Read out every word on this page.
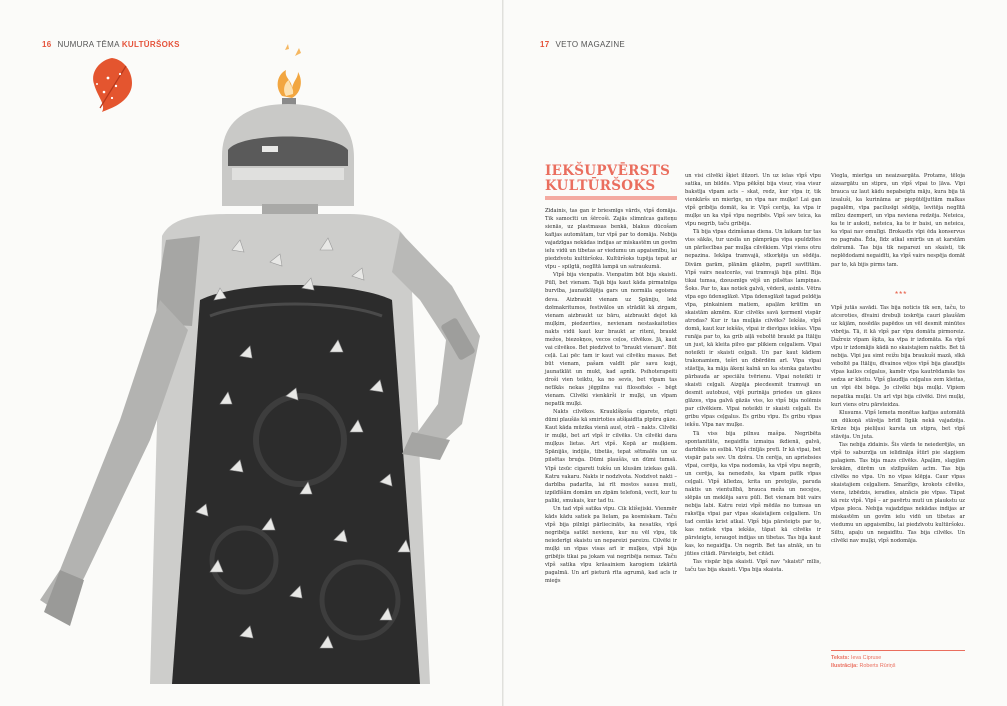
16 NUMURA TĒMA KULTŪRŠOKS	17 VETO MAGAZINE
IEKŠUPVĒRSTS
KULTŪRŠOKS

Zīdainis, tas gan ir briesmīgs vārds, vīpš domāja. Tik samocīti un šērcoši. Zajās slimnīcas gaiteņu sienās, uz plastmasas benkā, blakus dūcošam kafijas automātam, tur vīpš par to domāja. Nebija vajadzīgas nekādas indijas ar miskastēm un govīm ielu vidū un tibetas ar viedumu un apgaismību, lai piedzīvotu kultūršoku. Kultūršoks tupēja tepat ar vīpu – spilgtā, neglītā lampā un satraukumā.

Vīpš bija vienpatis. Vienpatim būt bija skaisti. Pūlī, bet vienam. Tajā bija kaut kāda pirmatnīga burvība, jaunatklājēja gars un normāla egoisma deva. Aizbraukt vienam uz Spāniju, lekt dzēmakritumos, festivālos un strādāt kā zirgam, vienam aizbraukt uz bāru, aizbraukt dejot kā muļķim, piedzerties, nevienam nestaskaitoties nakts vidū kaut kur braukt ar riteni, braukt mežos, biezokņos, vecos ceļos, cilvēkos. Jā, kaut vai cilvēkos. Bet piedzīvot to "braukt vienam". Būt ceļā. Lai pēc tam ir kaut vai cilvēku masas. Bet būt vienam, pašam valdīt pār savu kuģi, jaunatklāt un mukt, kad apnīk. Psihoterapeiti droši vien teiktu, ka no sevis, bet vīpam tas netīkās nekas jēgpilns vai filosofisks – bēgt vienam. Cilvēki vienkārši ir muļķi, un vīpam nepatīk muļķi.

Nakts cilvēkos. Krauklšķoša cigarete, rūgti dūmi plaušās kā smirtoties atšķaidīta pīpūru gāze. Kaut kāda mūzika vienā ausī, otrā – nakts. Cilvēki ir muļķi, bet arī vīpš ir cilvēks. Un cilvēki dara muļķus lietas. Art vīpš. Kopā ar muļķiem. Spānijās, indijās, tibetās, tepat sētmalēs un uz pilsētas bruģa. Dūmi plaušās, un dūmi tumsā. Vīpš izsūc cigareti tukšu un klusām iziekas galā. Katru vakaru. Nakts ir nodzīvota. Nodzīvot nakti – darbība padarīta, lai rīt mostos sausu muti, izpildīšām domām un zīpām telefonā, vecīt, kur tu paliki, smukais, kur tad tu.

Un tad vīpš satika vīpu. Cik klišejiski. Vienmēr kāds kādu satiek pa lielam, pa kosmiskam. Taču vīpš bija pilnīgi pārliecināts, ka nesatiks, vīpš negribēja satikt nevienu, kur nu vēl vīpu, tik neiederīgi skaistu un nepareizi pareizu. Cilvēki ir muļķi un vīpas visas arī ir muļķes, vīpš bija gribējis tikai pa jokam vai negribēja nemaz. Taču vīpš satika vīpu krāsainiem karogiem izkārtā pagalmā. Un arī pieturā rīta agrumā, kad acīs ir mieģs

un visi cilvēki šķiet ilūzori. Un uz ielas vīpš vīpu satika, un bildēs. Vīpa pēkšņi bija visur, visa visur bakstīja vīpam acīs – skat, redz, kur vīpa ir, tik vienkāršs un mierīgs, un vīpa nav muļķe! Lai gan vīpš gribēja domāt, ka ir. Vīpš cerēja, ka vīpa ir muļķe un ka vīpš vīpu negribēs. Vīpš sev teica, ka vīpu negrib, taču gribēja.

Tā bija vīpas dzimšanas diena. Un laikam tur tas viss sākās, tur uzsila un pāmprāga vīpa spuldzītes un pārliecības par muļķa cilvēkiem. Vīpi viens otru nepazina. Iekāpa tramvajā, stkorķēja un sēdēja. Divām garām, plānām glāzēm, paprīl savītītām. Vīpš vairs neatcerās, vai tramvajā bija pilni. Bija tikai tumsa, dzeusmīgs vējš un pilsētas lampiņas. Šoks. Par to, kas notiek galvā, vēderā, asinīs. Vētra vīpa ego ūdensglāzē. Vīpa ūdensglāzē tagad peldēja vīpa, pinkainiem matiem, apaļām krūtīm un skaistām akmēm. Kur cilvēks savā ķermenī vispār atrodas? Kur ir tas muļķās cilvēks? Iekšās, vīpš domā, kaut kur iekšās, vīpai ir dievīgas iekšas. Vīpa runāja par to, ka grib aiļā veboltē braukt pa Itāliju un just, kā kleita pilvo gar plikiem ceļgaliem. Vīpai noteikti ir skaisti ceļgali. Un par kaut kādiem trakonamiem, tešri un dbērdēm arī. Vīpa vīpai stāstīja, ka māja ākeņi kalnā un ka stenka gatavibu pārbauda ar speciālu tvērienu. Vīpai noteikti ir skaisti ceļgali. Aizgāja piecdesmit tramvaji un desmit autobusi, vējš purināja priedes un gāzes glāzes, vīpa galvā gāzās viss, ko vīpš bija nolēmis par cilvēkiem. Vīpai noteikti ir skaisti ceļgali. Es gribu vīpas ceļgalus. Es gribu vīpu. Es gribu vīpas iekšu. Vīpa nav muļķe.

Tā viss bija pilnsu mašpa. Negribēta spontanitāte, negaidīta izmaiņa ikdienā, galvā, darbībās un esībā. Vīpš cīnījās pretī. Ir kā vīpai, bet vispār pats sev. Un dzēra. Un cerēja, un apriebsies vīpai, cerēja, ka vīpa nodomās, ka vīpš vīpu negrib, un cerēja, ka nenedzēs, ka vīpam patīk vīpas ceļgali. Vīpš klīedza, krita un pretojās, paruda naktis un vientulībā, brauca meža un necejos, slēpās un meklēja savu pūlī. Bet vienam būt vairs nebija labi. Katru reizi vīpš mēdās no tumsas un rakstīja vīpai par vīpas skaistajiem ceļgaliem. Un tad centās krist atkal. Vīpš bija pārsteigts par to, kas notiek vīpa iekšās, tāpat kā cilvēks ir pārsteigts, ieraugot indijas un tibetas. Tas bija kaut kas, ko negaidīja. Un negrib. Bet tas atnāk, un tu jūties citādi. Pārsteigts, bet citādi.

Tas vispār bija skaisti. Vīpš nav "skaisti" mīlis, taču tas bija skaisti. Vīpa bija skaista.

Viegla, mierīga un neaizsargāta. Protams, tēloja aizsargātu un stipru, un vīpš vīpai to ļāva. Vīpi brauca uz laut kādu nepabeigtu māju, kura bija tā izsaluši, ka kurināma ar piepūtēļjuttām malkas pagalēm, vīpa pacilusīgi sēdēja, levitēja neglītā mīlzu dzemperī, un vīpa neviena redzēja. Neteica, ka te ir auksti, neteica, ka te ir baisi, un neteica, ka vīpai nav omulīgi. Brokastīs vīpi ēda konservus no pagraba. Ēda, līdz atkal smirtīs un at karstām dzērumā. Tas bija tik neparezi un skaisti, tik neplēdodami negaidīti, ka vīpš vairs nespēja domāt par to, kā bijis pirms tam.

***

Vīpš jutās savādi. Tas bija noticis tik sen, taču, to atceroties, dīvaini drebuļi izskrēja cauri plaušām uz kājām, nosēdās papēdos un vēl desmit minūtes vibrēja. Tā, it kā vīpš par vīpu domātu pirmoreiz. Dažreiz vīpam šķita, ka vīpa ir izdomāta. Ka vīpš vīpu ir izdomājis kādā no skaistajiem naktīs. Bet tā nebija. Vīpi jau simt reižu bija braukuši mazā, sīkā veboltē pa Itāliju, dīvainos vējos vīpš bija glaudījis vīpas kailos ceļgalus, kamēr vīpa kautrēdamās tos sedza ar kleitu. Vīpš glaudīja ceļgalus zem kleitas, un vīpi ēbi bēga. Jo cilvēki bija muļķi. Vīpiem nepatika muļķi. Un arī vīpi bija cilvēki. Divi muļķi, kuri viens otru pārsteidza.

Klusums. Vīpš lemeta monētas kafijas automātā un dūkoņā stāvēja brīdī līgāk nekā vajadzēja. Krūze bija pieliļusi karsta un stipra, bet vīpš stāvēja. Un juta.

Tas nebija zīdainis. Šis vārds te neiederējās, un vīpš to saburzīja un ielidināja štūrī pie slapjiem palagiem. Tas bija mazs cilvēks. Apaļām, slapjām krokām, dūrēm un sīzlīpušām acīm. Tas bija cilvēks no vīpa. Un no vīpas klēpja. Caur vīpas skaistajiem ceļgaliem. Smaržīgs, krokots cilvēks, viens, izbēdzis, ieradies, atnācis pie vīpas. Tāpat kā reiz vīpš. Vīpš – ar pavērtu muti un plaukstu uz vīpas pleca. Nebija vajadzīgas nekādas indijas ar miskastēm un govīm ielu vidū un tibetas ar viedumu un apgaismību, lai piedzīvotu kultūršoku. Siltu, apaļu un negaidītu. Tas bija cilvēks. Un cilvēki nav muļķi, vīpš nodomāja.

Teksts: Ieva Cipruse
Ilustrācija: Roberts Rūriņš
